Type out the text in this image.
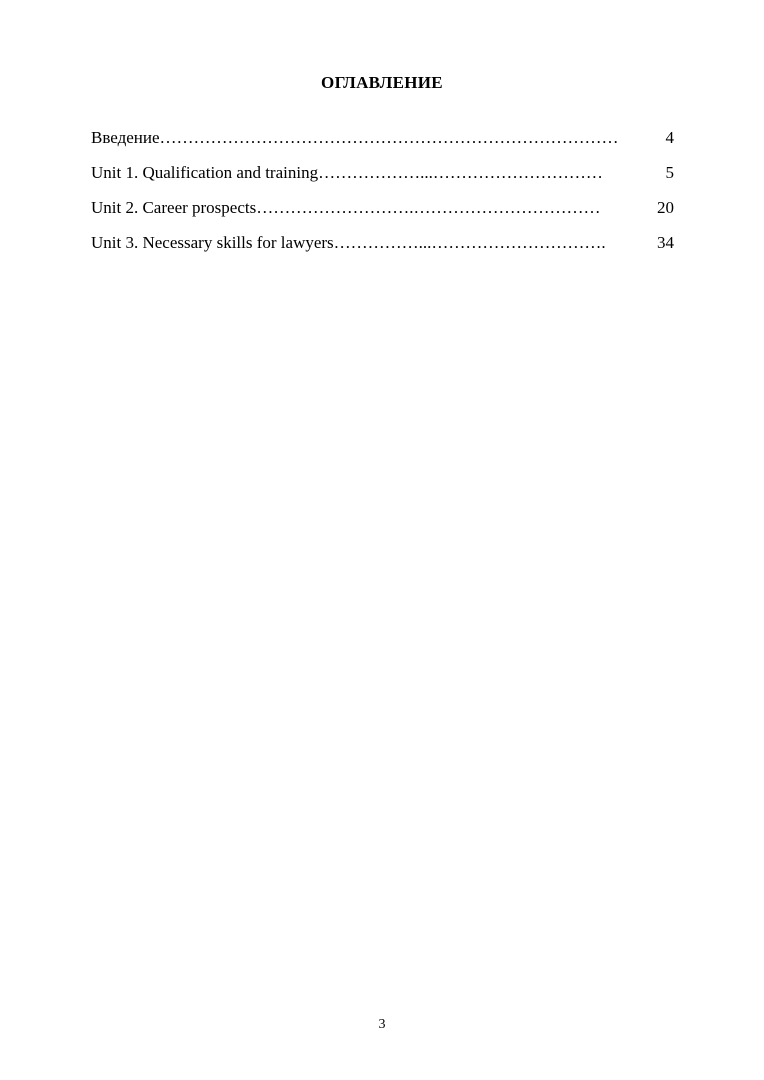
ОГЛАВЛЕНИЕ
Введение………………………………………………………………………	4
Unit 1. Qualification and training………………...…………………………	5
Unit 2. Career prospects……………………….……………………………	20
Unit 3. Necessary skills for lawyers……………...………………………….	34
3
